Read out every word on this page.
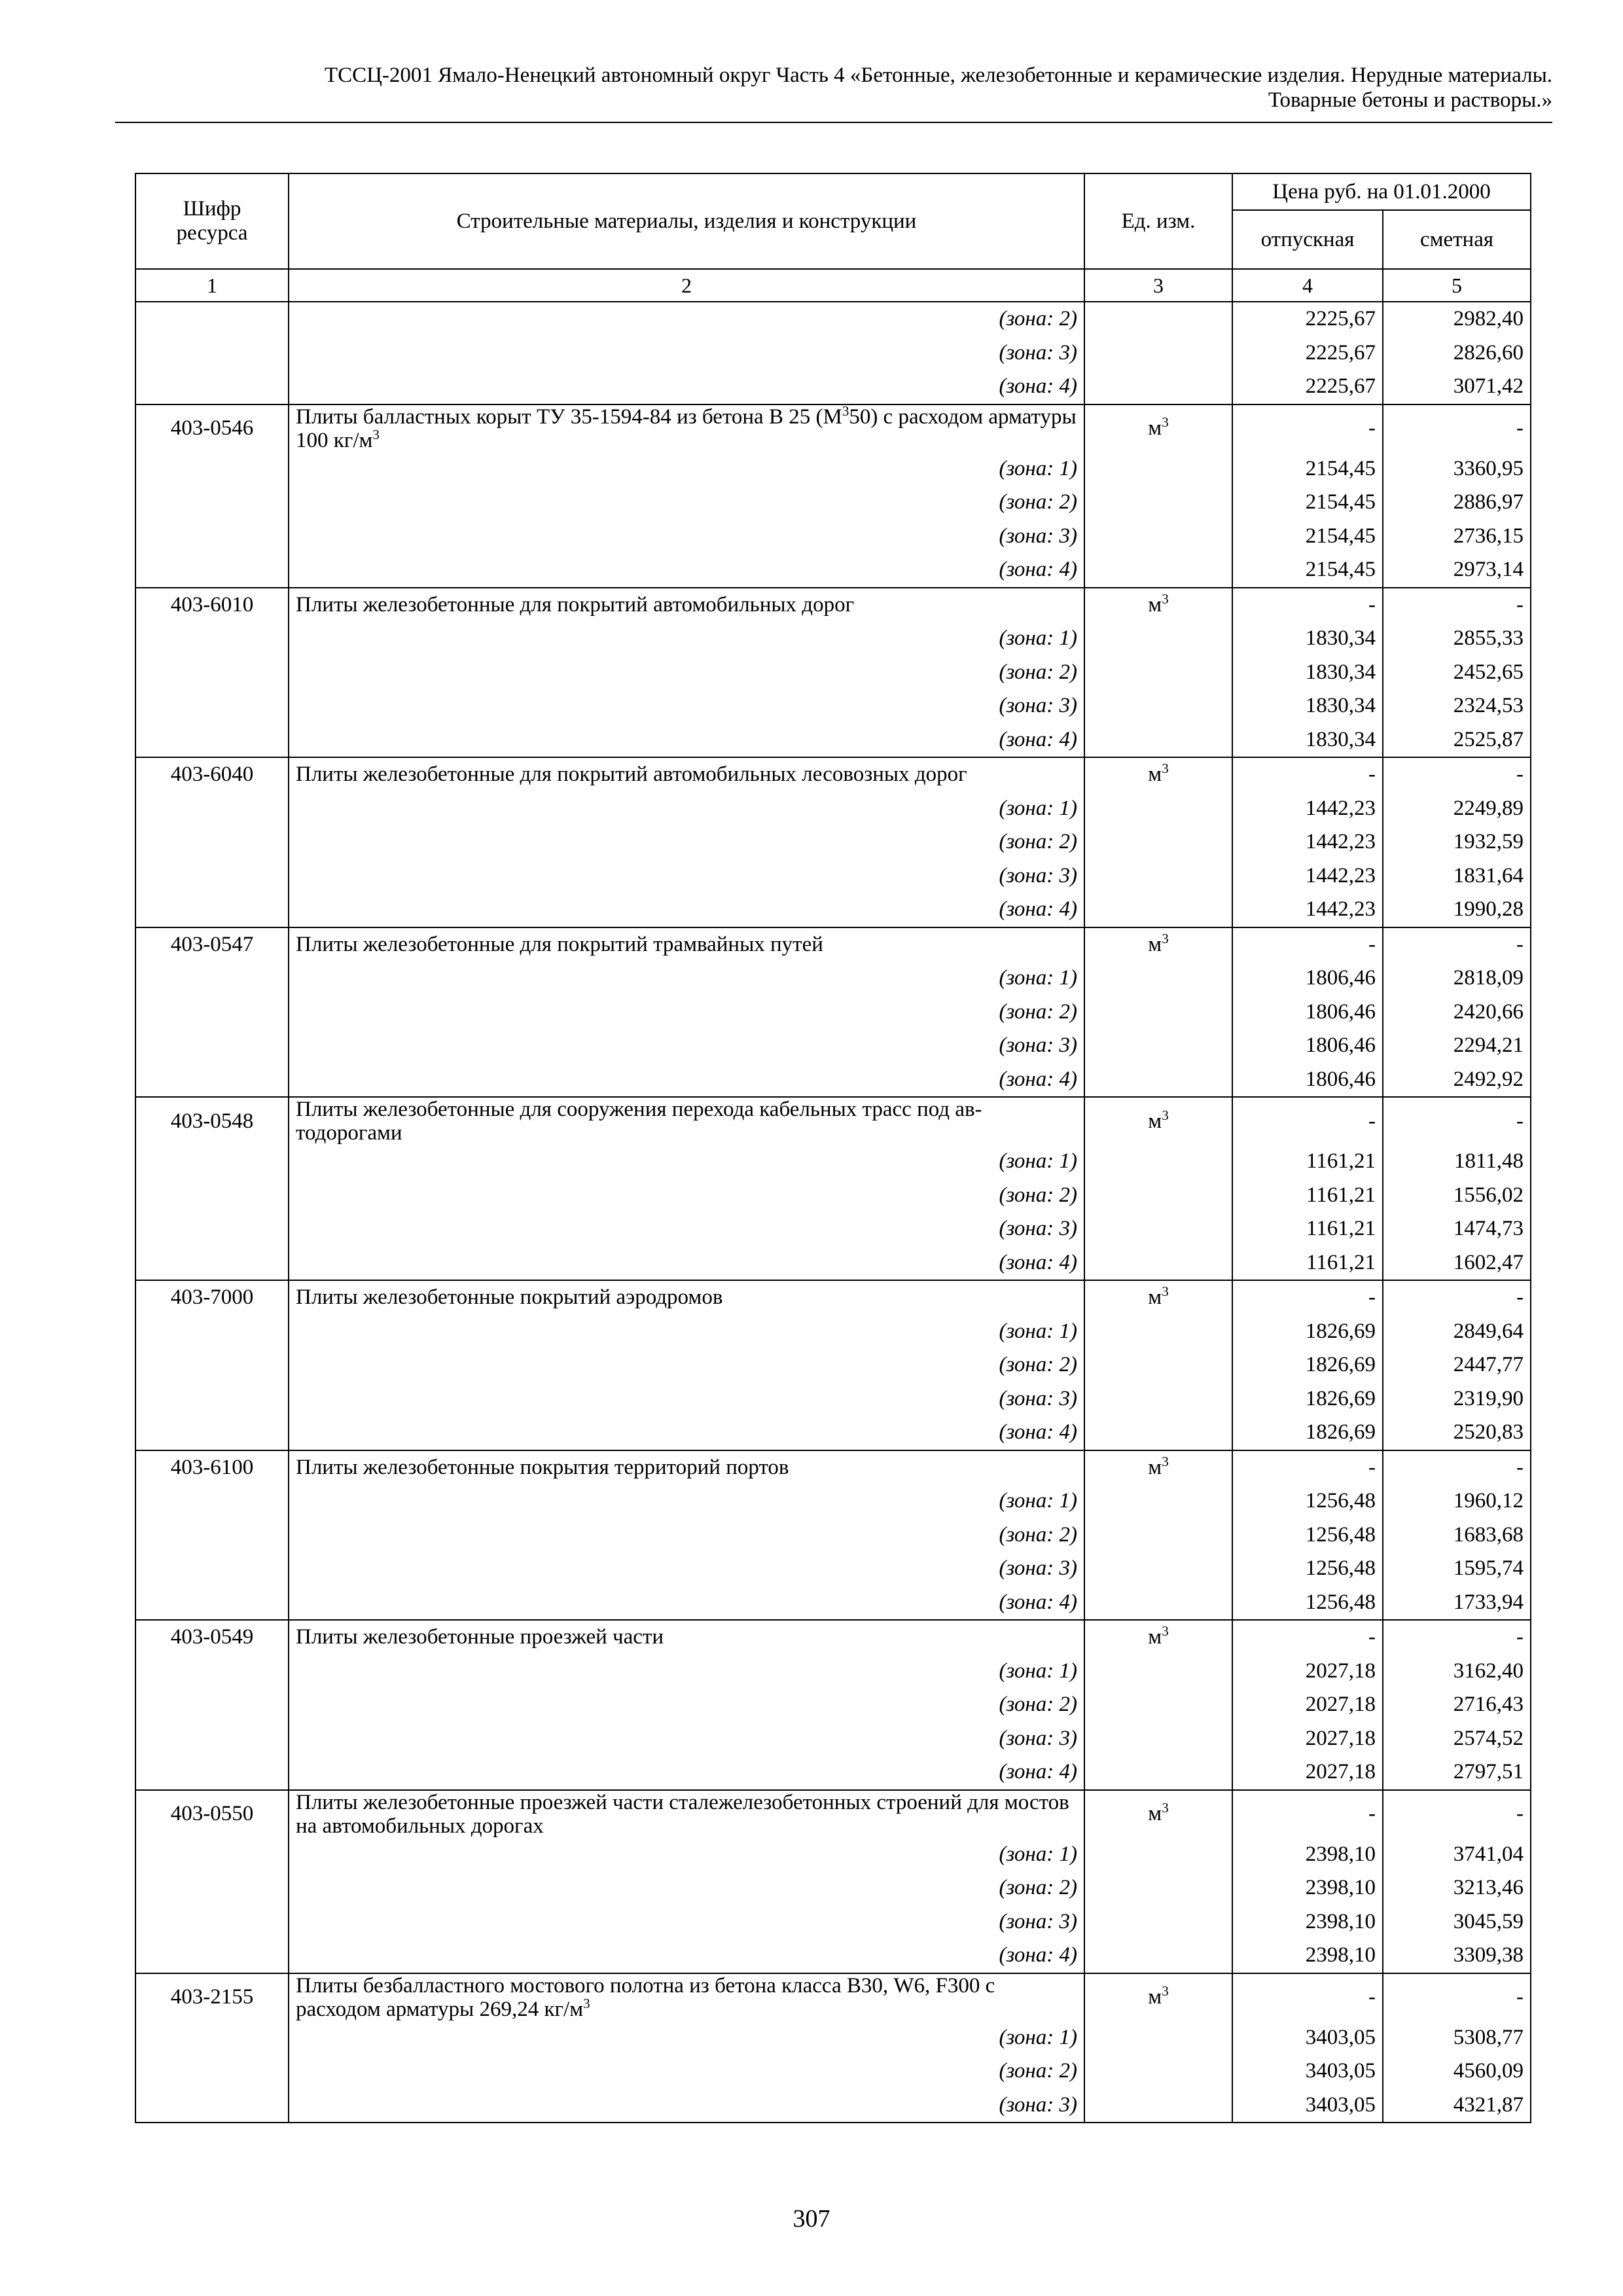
ТССЦ-2001 Ямало-Ненецкий автономный округ Часть 4 «Бетонные, железобетонные и керамические изделия. Нерудные материалы.
Товарные бетоны и растворы.»
Шифр ресурса	Строительные материалы, изделия и конструкции	Ед. изм.	Цена руб. на 01.01.2000	
			отпускная	сметная
1	2	3	4	5
	(зона: 2)		2225,67	2982,40
	(зона: 3)		2225,67	2826,60
	(зона: 4)		2225,67	3071,42
403-0546	Плиты балластных корыт ТУ 35-1594-84 из бетона В 25 $(М^350)$ с расходом арматуры 100 $кг/м^3$	$м^3$	-	-
	(зона: 1)		2154,45	3360,95
	(зона: 2)		2154,45	2886,97
	(зона: 3)		2154,45	2736,15
	(зона: 4)		2154,45	2973,14
403-6010	Плиты железобетонные для покрытий автомобильных дорог	$м^3$	-	-
	(зона: 1)		1830,34	2855,33
	(зона: 2)		1830,34	2452,65
	(зона: 3)		1830,34	2324,53
	(зона: 4)		1830,34	2525,87
403-6040	Плиты железобетонные для покрытий автомобильных лесовозных дорог	$м^3$	-	-
	(зона: 1)		1442,23	2249,89
	(зона: 2)		1442,23	1932,59
	(зона: 3)		1442,23	1831,64
	(зона: 4)		1442,23	1990,28
403-0547	Плиты железобетонные для покрытий трамвайных путей	$м^3$	-	-
	(зона: 1)		1806,46	2818,09
	(зона: 2)		1806,46	2420,66
	(зона: 3)		1806,46	2294,21
	(зона: 4)		1806,46	2492,92
403-0548	Плиты железобетонные для сооружения перехода кабельных трасс под ав-тодорогами	$м^3$	-	-
	(зона: 1)		1161,21	1811,48
	(зона: 2)		1161,21	1556,02
	(зона: 3)		1161,21	1474,73
	(зона: 4)		1161,21	1602,47
403-7000	Плиты железобетонные покрытий аэродромов	$м^3$	-	-
	(зона: 1)		1826,69	2849,64
	(зона: 2)		1826,69	2447,77
	(зона: 3)		1826,69	2319,90
	(зона: 4)		1826,69	2520,83
403-6100	Плиты железобетонные покрытия территорий портов	$м^3$	-	-
	(зона: 1)		1256,48	1960,12
	(зона: 2)		1256,48	1683,68
	(зона: 3)		1256,48	1595,74
	(зона: 4)		1256,48	1733,94
403-0549	Плиты железобетонные проезжей части	$м^3$	-	-
	(зона: 1)		2027,18	3162,40
	(зона: 2)		2027,18	2716,43
	(зона: 3)		2027,18	2574,52
	(зона: 4)		2027,18	2797,51
403-0550	Плиты железобетонные проезжей части сталежелезобетонных строений для мостов на автомобильных дорогах	$м^3$	-	-
	(зона: 1)		2398,10	3741,04
	(зона: 2)		2398,10	3213,46
	(зона: 3)		2398,10	3045,59
	(зона: 4)		2398,10	3309,38
403-2155	Плиты безбалластного мостового полотна из бетона класса В30, W6, F300 с расходом арматуры 269,24 $кг/м^3$	$м^3$	-	-
	(зона: 1)		3403,05	5308,77
	(зона: 2)		3403,05	4560,09
	(зона: 3)		3403,05	4321,87
307
